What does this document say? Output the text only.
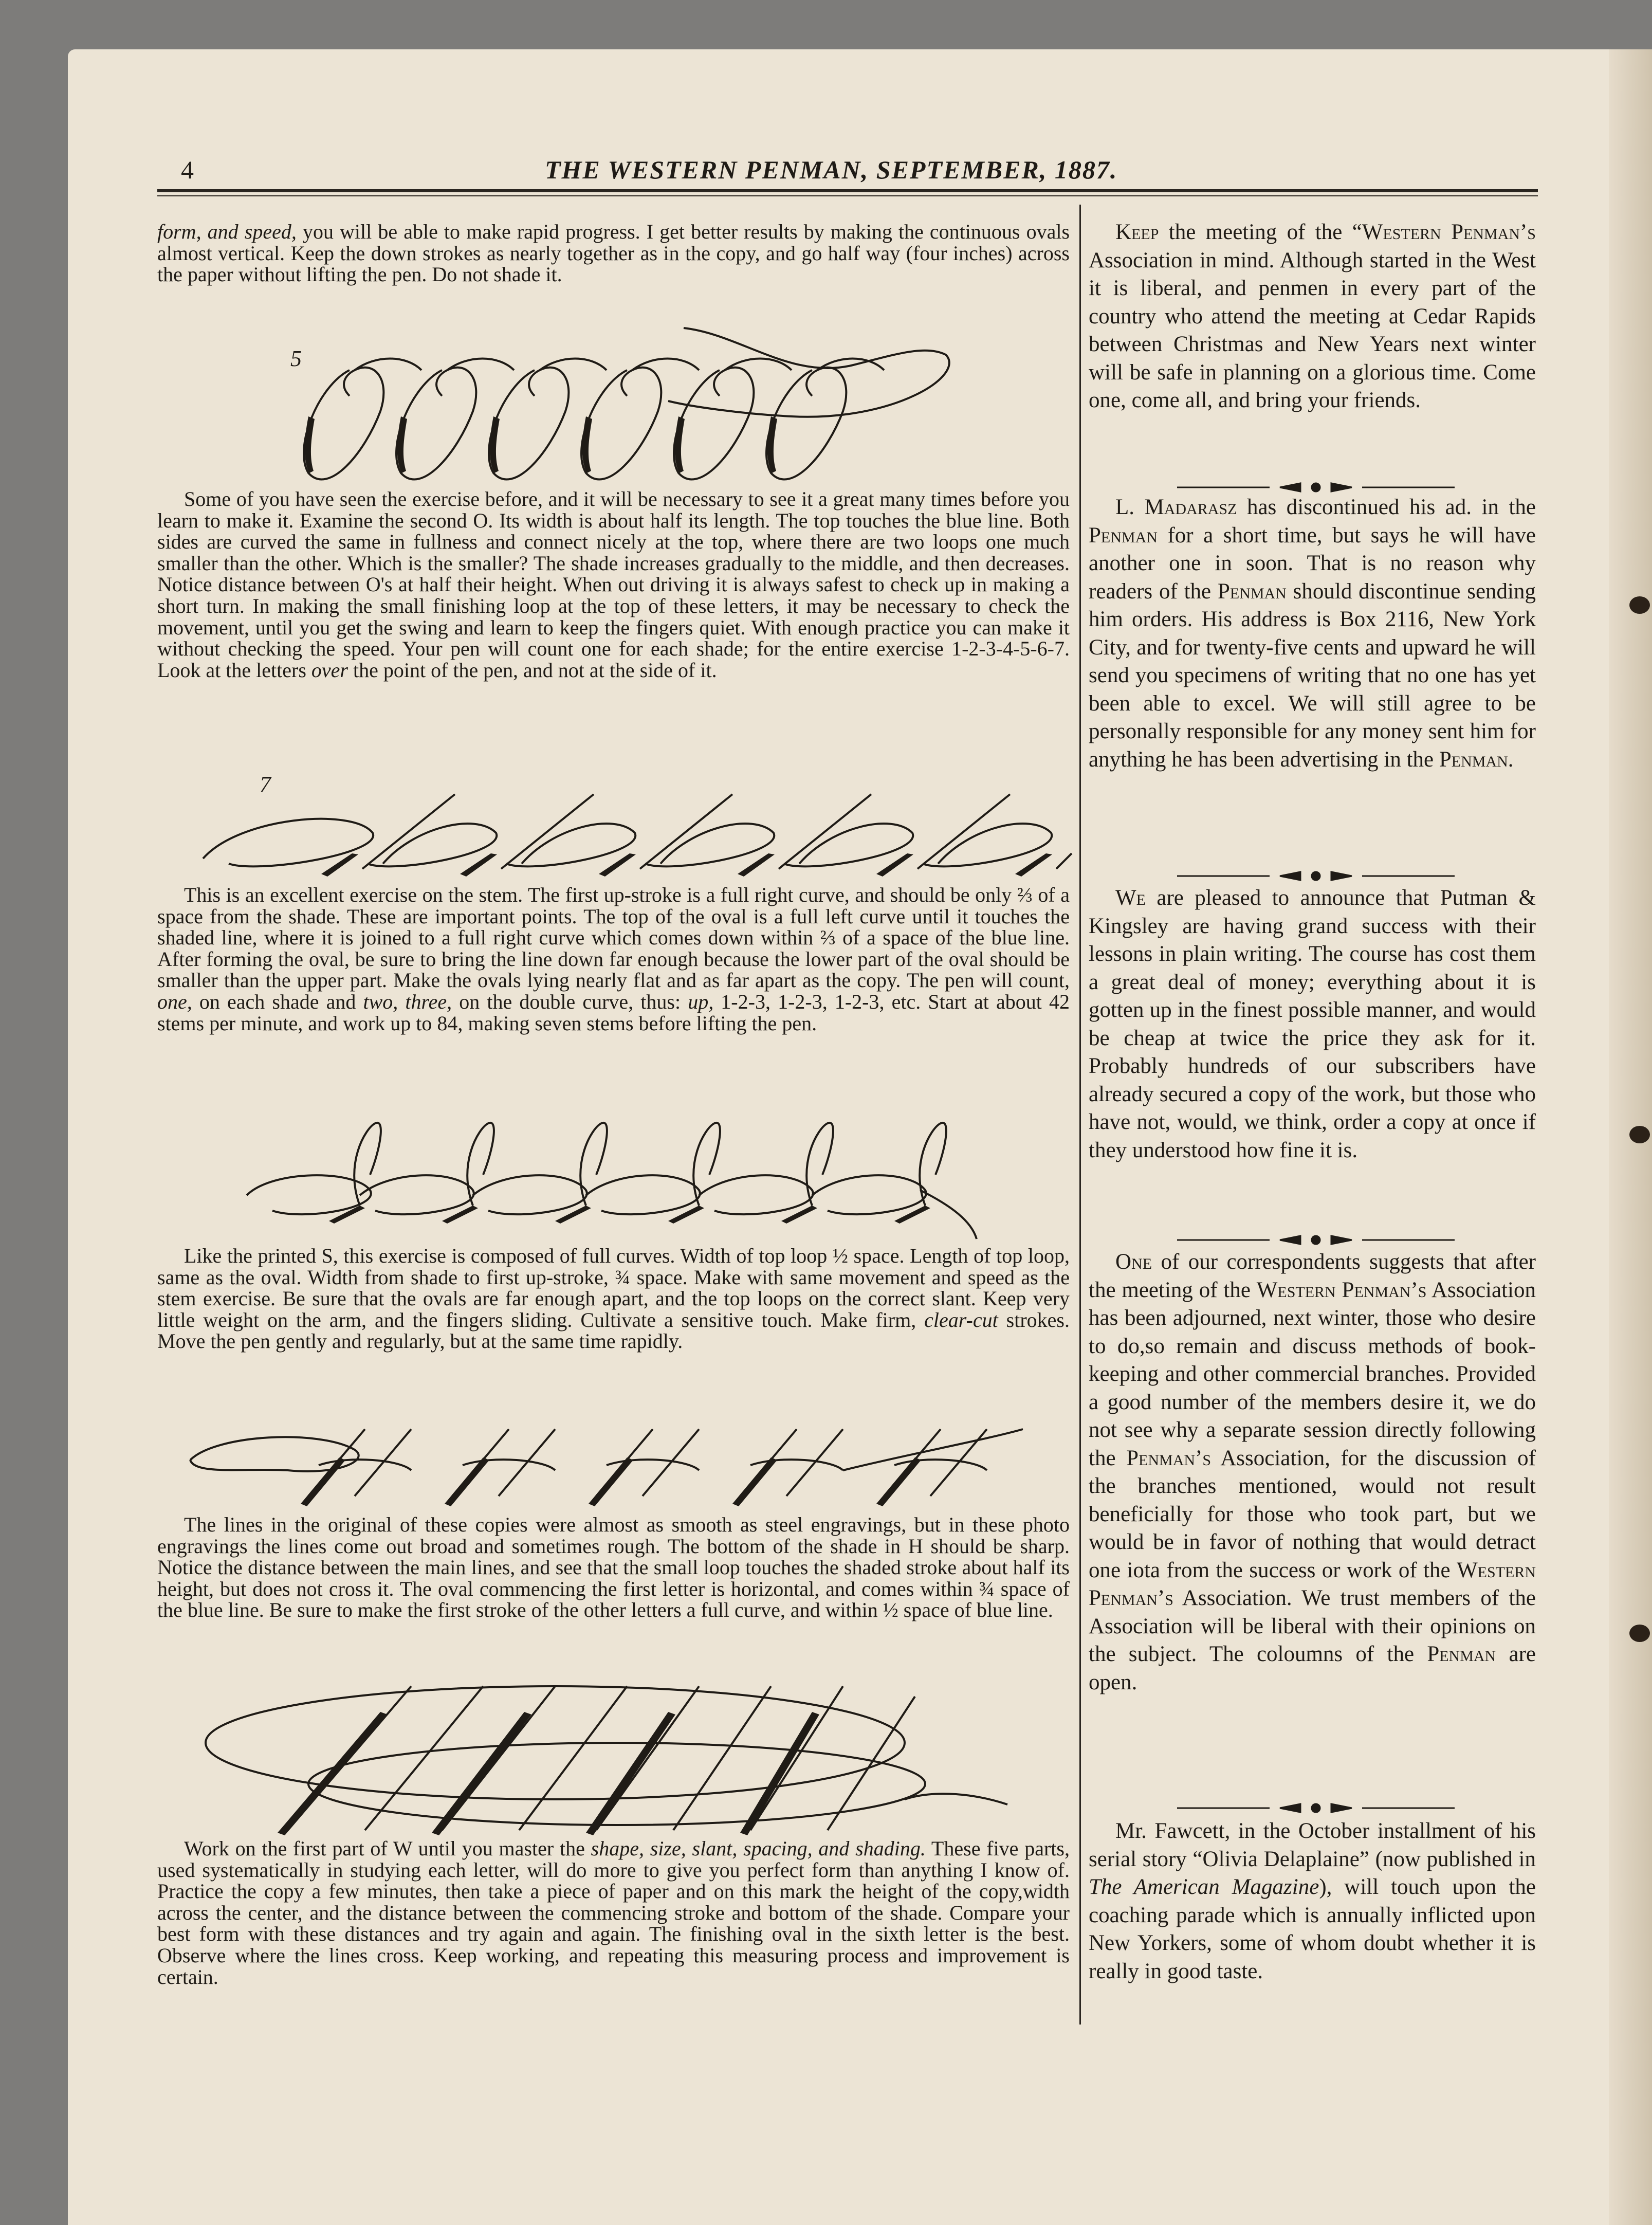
4	THE WESTERN PENMAN, SEPTEMBER, 1887.

form, and speed, you will be able to make rapid progress. I get better results by making the continuous ovals almost vertical. Keep the down strokes as nearly together as in the copy, and go half way (four inches) across the paper without lifting the pen. Do not shade it.

5

Some of you have seen the exercise before, and it will be necessary to see it a great many times before you learn to make it. Examine the second O. Its width is about half its length. The top touches the blue line. Both sides are curved the same in fullness and connect nicely at the top, where there are two loops one much smaller than the other. Which is the smaller? The shade increases gradually to the middle, and then decreases. Notice distance between O's at half their height. When out driving it is always safest to check up in making a short turn. In making the small finishing loop at the top of these letters, it may be necessary to check the movement, until you get the swing and learn to keep the fingers quiet. With enough practice you can make it without checking the speed. Your pen will count one for each shade; for the entire exercise 1-2-3-4-5-6-7. Look at the letters over the point of the pen, and not at the side of it.

7

This is an excellent exercise on the stem. The first up-stroke is a full right curve, and should be only ⅔ of a space from the shade. These are important points. The top of the oval is a full left curve until it touches the shaded line, where it is joined to a full right curve which comes down within ⅔ of a space of the blue line. After forming the oval, be sure to bring the line down far enough because the lower part of the oval should be smaller than the upper part. Make the ovals lying nearly flat and as far apart as the copy. The pen will count, one, on each shade and two, three, on the double curve, thus: up, 1-2-3, 1-2-3, 1-2-3, etc. Start at about 42 stems per minute, and work up to 84, making seven stems before lifting the pen.

Like the printed S, this exercise is composed of full curves. Width of top loop ½ space. Length of top loop, same as the oval. Width from shade to first up-stroke, ¾ space. Make with same movement and speed as the stem exercise. Be sure that the ovals are far enough apart, and the top loops on the correct slant. Keep very little weight on the arm, and the fingers sliding. Cultivate a sensitive touch. Make firm, clear-cut strokes. Move the pen gently and regularly, but at the same time rapidly.

The lines in the original of these copies were almost as smooth as steel engravings, but in these photo engravings the lines come out broad and sometimes rough. The bottom of the shade in H should be sharp. Notice the distance between the main lines, and see that the small loop touches the shaded stroke about half its height, but does not cross it. The oval commencing the first letter is horizontal, and comes within ¾ space of the blue line. Be sure to make the first stroke of the other letters a full curve, and within ½ space of blue line.

Work on the first part of W until you master the shape, size, slant, spacing, and shading. These five parts, used systematically in studying each letter, will do more to give you perfect form than anything I know of. Practice the copy a few minutes, then take a piece of paper and on this mark the height of the copy,width across the center, and the distance between the commencing stroke and bottom of the shade. Compare your best form with these distances and try again and again. The finishing oval in the sixth letter is the best. Observe where the lines cross. Keep working, and repeating this measuring process and improvement is certain.

Keep the meeting of the “Western Penman’s Association in mind. Although started in the West it is liberal, and penmen in every part of the country who attend the meeting at Cedar Rapids between Christmas and New Years next winter will be safe in planning on a glorious time. Come one, come all, and bring your friends.

L. Madarasz has discontinued his ad. in the Penman for a short time, but says he will have another one in soon. That is no reason why readers of the Penman should discontinue sending him orders. His address is Box 2116, New York City, and for twenty-five cents and upward he will send you specimens of writing that no one has yet been able to excel. We will still agree to be personally responsible for any money sent him for anything he has been advertising in the Penman.

We are pleased to announce that Putman & Kingsley are having grand success with their lessons in plain writing. The course has cost them a great deal of money; everything about it is gotten up in the finest possible manner, and would be cheap at twice the price they ask for it. Probably hundreds of our subscribers have already secured a copy of the work, but those who have not, would, we think, order a copy at once if they understood how fine it is.

One of our correspondents suggests that after the meeting of the Western Penman’s Association has been adjourned, next winter, those who desire to do,so remain and discuss methods of book-keeping and other commercial branches. Provided a good number of the members desire it, we do not see why a separate session directly following the Penman’s Association, for the discussion of the branches mentioned, would not result beneficially for those who took part, but we would be in favor of nothing that would detract one iota from the success or work of the Western Penman’s Association. We trust members of the Association will be liberal with their opinions on the subject. The coloumns of the Penman are open.

Mr. Fawcett, in the October installment of his serial story “Olivia Delaplaine” (now published in The American Magazine), will touch upon the coaching parade which is annually inflicted upon New Yorkers, some of whom doubt whether it is really in good taste.
